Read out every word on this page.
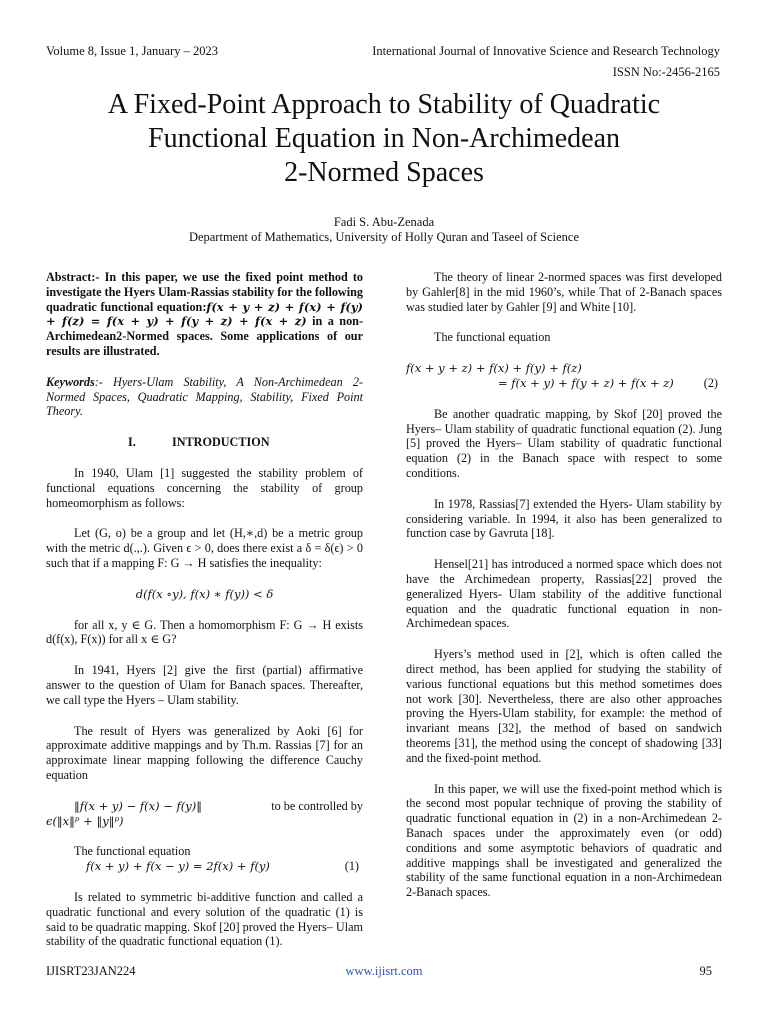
Volume 8, Issue 1, January – 2023	International Journal of Innovative Science and Research Technology
ISSN No:-2456-2165
A Fixed-Point Approach to Stability of Quadratic
Functional Equation in Non-Archimedean
2-Normed Spaces
Fadi S. Abu-Zenada
Department of Mathematics, University of Holly Quran and Taseel of Science

Abstract:- In this paper, we use the fixed point method to investigate the Hyers Ulam-Rassias stability for the following quadratic functional equation:f(x + y + z) + f(x) + f(y) + f(z) = f(x + y) + f(y + z) + f(x + z) in a non-Archimedean2-Normed spaces. Some applications of our results are illustrated.

Keywords:- Hyers-Ulam Stability, A Non-Archimedean 2-Normed Spaces, Quadratic Mapping, Stability, Fixed Point Theory.

I.	INTRODUCTION

In 1940, Ulam [1] suggested the stability problem of functional equations concerning the stability of group homeomorphism as follows:

Let (G, o) be a group and let (H,∗,d) be a metric group with the metric d(.,.). Given ϵ > 0, does there exist a δ = δ(ϵ) > 0 such that if a mapping F: G → H satisfies the inequality:

d(f(x ∘y), f(x) ∗ f(y)) < δ

for all x, y ∈ G. Then a homomorphism F: G → H exists d(f(x), F(x)) for all x ∈ G?

In 1941, Hyers [2] give the first (partial) affirmative answer to the question of Ulam for Banach spaces. Thereafter, we call type the Hyers – Ulam stability.

The result of Hyers was generalized by Aoki [6] for approximate additive mappings and by Th.m. Rassias [7] for an approximate linear mapping following the difference Cauchy equation

‖f(x + y) − f(x) − f(y)‖	to be controlled by
ϵ(‖x‖ᵖ + ‖y‖ᵖ)
The functional equation
f(x + y) + f(x − y) = 2f(x) + f(y)	(1)

Is related to symmetric bi-additive function and called a quadratic functional and every solution of the quadratic (1) is said to be quadratic mapping. Skof [20] proved the Hyers– Ulam stability of the quadratic functional equation (1).

The theory of linear 2-normed spaces was first developed by Gahler[8] in the mid 1960’s, while That of 2-Banach spaces was studied later by Gahler [9] and White [10].

The functional equation

f(x + y + z) + f(x) + f(y) + f(z)
= f(x + y) + f(y + z) + f(x + z) (2)

Be another quadratic mapping, by Skof [20] proved the Hyers– Ulam stability of quadratic functional equation (2). Jung [5] proved the Hyers– Ulam stability of quadratic functional equation (2) in the Banach space with respect to some conditions.

In 1978, Rassias[7] extended the Hyers- Ulam stability by considering variable. In 1994, it also has been generalized to function case by Gavruta [18].

Hensel[21] has introduced a normed space which does not have the Archimedean property, Rassias[22] proved the generalized Hyers- Ulam stability of the additive functional equation and the quadratic functional equation in non-Archimedean spaces.

Hyers’s method used in [2], which is often called the direct method, has been applied for studying the stability of various functional equations but this method sometimes does not work [30]. Nevertheless, there are also other approaches proving the Hyers-Ulam stability, for example: the method of invariant means [32], the method of based on sandwich theorems [31], the method using the concept of shadowing [33] and the fixed-point method.

In this paper, we will use the fixed-point method which is the second most popular technique of proving the stability of quadratic functional equation in (2) in a non-Archimedean 2-Banach spaces under the approximately even (or odd) conditions and some asymptotic behaviors of quadratic and additive mappings shall be investigated and generalized the stability of the same functional equation in a non-Archimedean 2-Banach spaces.

IJISRT23JAN224	www.ijisrt.com	95
